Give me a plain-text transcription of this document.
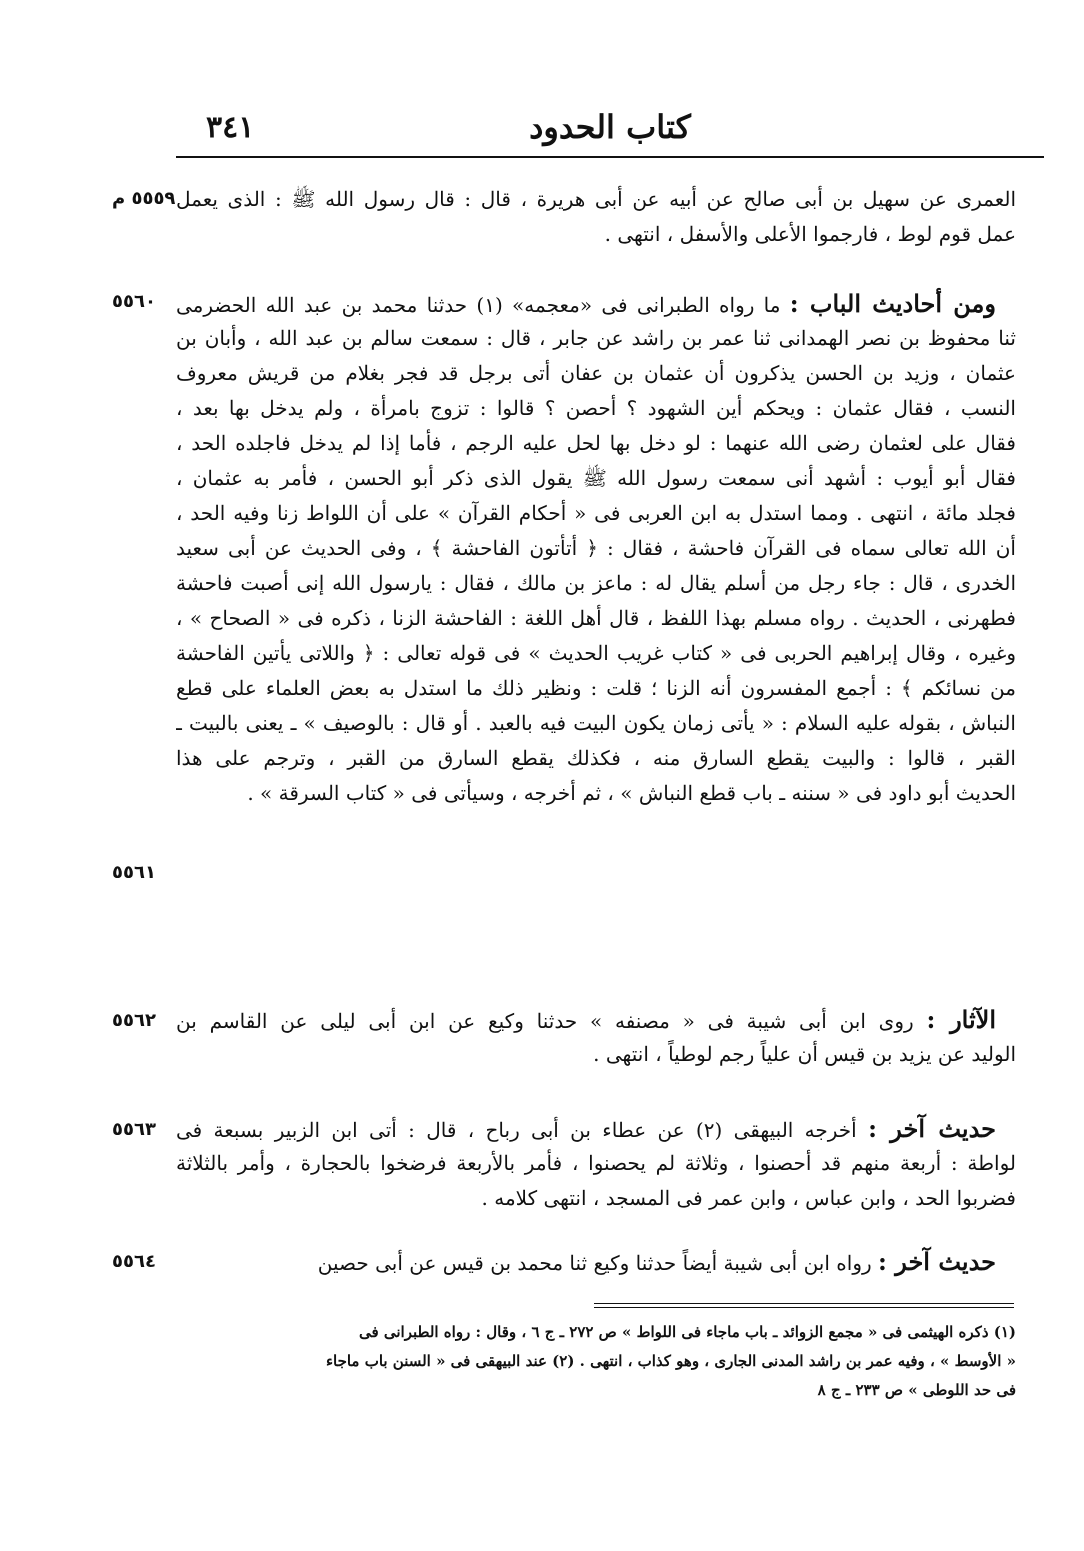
٣٤١	كتاب الحدود
٥٥٥٩ م
٥٥٦٠
٥٥٦١
٥٥٦٢
٥٥٦٣
٥٥٦٤
العمرى عن سهيل بن أبى صالح عن أبيه عن أبى هريرة ، قال : قال رسول الله ﷺ : الذى يعمل
عمل قوم لوط ، فارجموا الأعلى والأسفل ، انتهى .
ومن أحاديث الباب : ما رواه الطبرانى فى «معجمه» (١) حدثنا محمد بن عبد الله الحضرمى
ثنا محفوظ بن نصر الهمدانى ثنا عمر بن راشد عن جابر ، قال : سمعت سالم بن عبد الله ، وأبان بن
عثمان ، وزيد بن الحسن يذكرون أن عثمان بن عفان أتى برجل قد فجر بغلام من قريش معروف
النسب ، فقال عثمان : ويحكم أين الشهود ؟ أحصن ؟ قالوا : تزوج بامرأة ، ولم يدخل بها بعد ،
فقال على لعثمان رضى الله عنهما : لو دخل بها لحل عليه الرجم ، فأما إذا لم يدخل فاجلده الحد ،
فقال أبو أيوب : أشهد أنى سمعت رسول الله ﷺ يقول الذى ذكر أبو الحسن ، فأمر به عثمان ،
فجلد مائة ، انتهى . ومما استدل به ابن العربى فى « أحكام القرآن » على أن اللواط زنا وفيه الحد ،
أن الله تعالى سماه فى القرآن فاحشة ، فقال : ﴿ أتأتون الفاحشة ﴾ ، وفى الحديث عن أبى سعيد
الخدرى ، قال : جاء رجل من أسلم يقال له : ماعز بن مالك ، فقال : يارسول الله إنى أصبت فاحشة
فطهرنى ، الحديث . رواه مسلم بهذا اللفظ ، قال أهل اللغة : الفاحشة الزنا ، ذكره فى « الصحاح » ،
وغيره ، وقال إبراهيم الحربى فى « كتاب غريب الحديث » فى قوله تعالى : ﴿ واللاتى يأتين الفاحشة
من نسائكم ﴾ : أجمع المفسرون أنه الزنا ؛ قلت : ونظير ذلك ما استدل به بعض العلماء على قطع
النباش ، بقوله عليه السلام : « يأتى زمان يكون البيت فيه بالعبد . أو قال : بالوصيف » ـ يعنى بالبيت ـ
القبر ، قالوا : والبيت يقطع السارق منه ، فكذلك يقطع السارق من القبر ، وترجم على هذا
الحديث أبو داود فى « سننه ـ باب قطع النباش » ، ثم أخرجه ، وسيأتى فى « كتاب السرقة » .
الآثار : روى ابن أبى شيبة فى « مصنفه » حدثنا وكيع عن ابن أبى ليلى عن القاسم بن
الوليد عن يزيد بن قيس أن علياً رجم لوطياً ، انتهى .
حديث آخر : أخرجه البيهقى (٢) عن عطاء بن أبى رباح ، قال : أتى ابن الزبير بسبعة فى
لواطة : أربعة منهم قد أحصنوا ، وثلاثة لم يحصنوا ، فأمر بالأربعة فرضخوا بالحجارة ، وأمر بالثلاثة
فضربوا الحد ، وابن عباس ، وابن عمر فى المسجد ، انتهى كلامه .
حديث آخر : رواه ابن أبى شيبة أيضاً حدثنا وكيع ثنا محمد بن قيس عن أبى حصين
(١) ذكره الهيثمى فى « مجمع الزوائد ـ باب ماجاء فى اللواط » ص ٢٧٢ ـ ج ٦ ، وقال : رواه الطبرانى فى
« الأوسط » ، وفيه عمر بن راشد المدنى الجارى ، وهو كذاب ، انتهى . (٢) عند البيهقى فى « السنن باب ماجاء
فى حد اللوطى » ص ٢٣٣ ـ ج ٨
